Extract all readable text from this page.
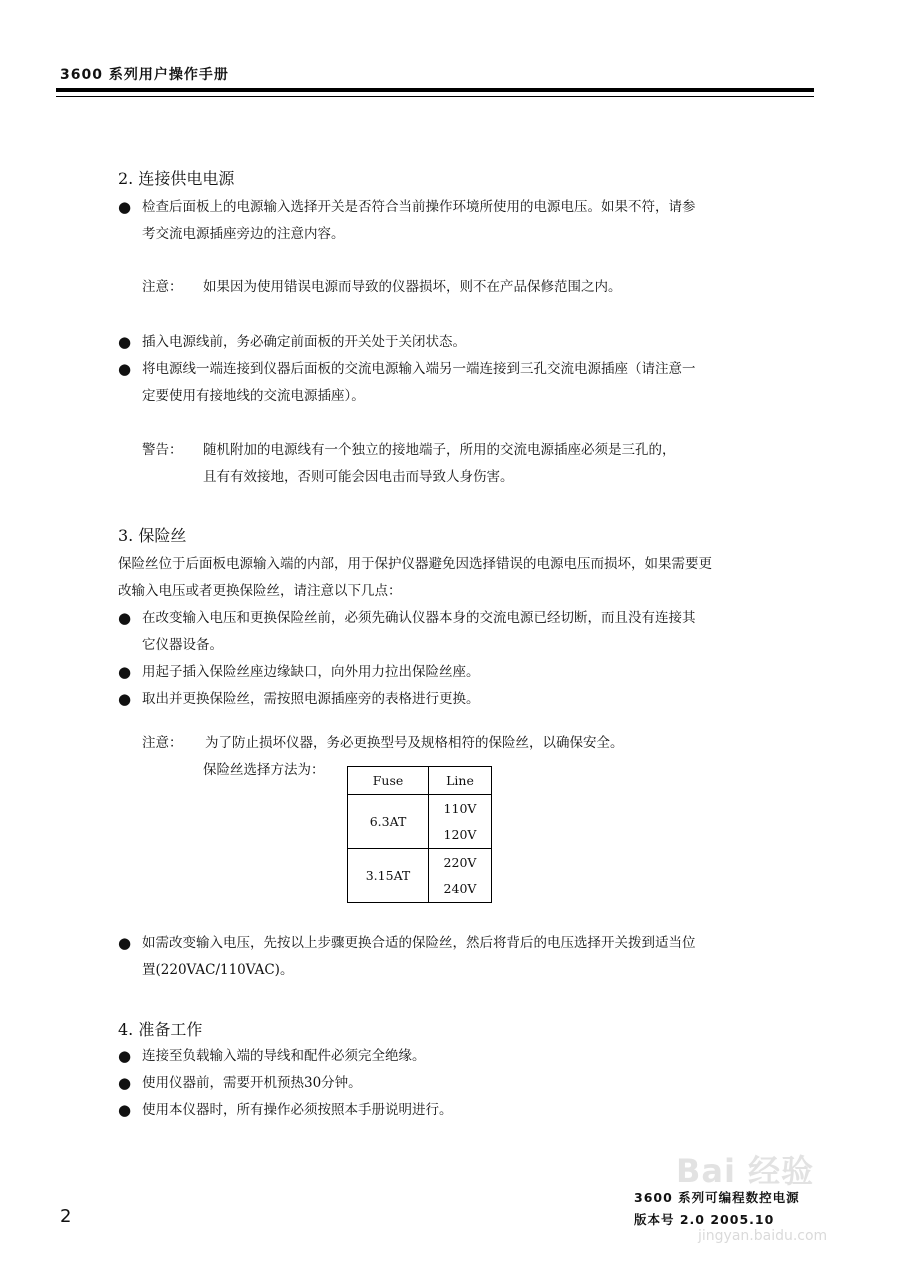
3600 系列用户操作手册
2. 连接供电电源
● 检查后面板上的电源输入选择开关是否符合当前操作环境所使用的电源电压。如果不符，请参
考交流电源插座旁边的注意内容。
注意： 如果因为使用错误电源而导致的仪器损坏，则不在产品保修范围之内。
● 插入电源线前，务必确定前面板的开关处于关闭状态。
● 将电源线一端连接到仪器后面板的交流电源输入端另一端连接到三孔交流电源插座（请注意一
定要使用有接地线的交流电源插座）。
警告： 随机附加的电源线有一个独立的接地端子，所用的交流电源插座必须是三孔的，
且有有效接地，否则可能会因电击而导致人身伤害。
3. 保险丝
保险丝位于后面板电源输入端的内部，用于保护仪器避免因选择错误的电源电压而损坏，如果需要更
改输入电压或者更换保险丝，请注意以下几点：
● 在改变输入电压和更换保险丝前，必须先确认仪器本身的交流电源已经切断，而且没有连接其
它仪器设备。
● 用起子插入保险丝座边缘缺口，向外用力拉出保险丝座。
● 取出并更换保险丝，需按照电源插座旁的表格进行更换。
注意： 为了防止损坏仪器，务必更换型号及规格相符的保险丝，以确保安全。
保险丝选择方法为：
Fuse	Line
6.3AT	110V
	120V
3.15AT	220V
	240V
● 如需改变输入电压，先按以上步骤更换合适的保险丝，然后将背后的电压选择开关拨到适当位
置(220VAC/110VAC)。
4. 准备工作
● 连接至负载输入端的导线和配件必须完全绝缘。
● 使用仪器前，需要开机预热30分钟。
● 使用本仪器时，所有操作必须按照本手册说明进行。
Bai 经验
jingyan.baidu.com
2
3600 系列可编程数控电源
版本号 2.0 2005.10
